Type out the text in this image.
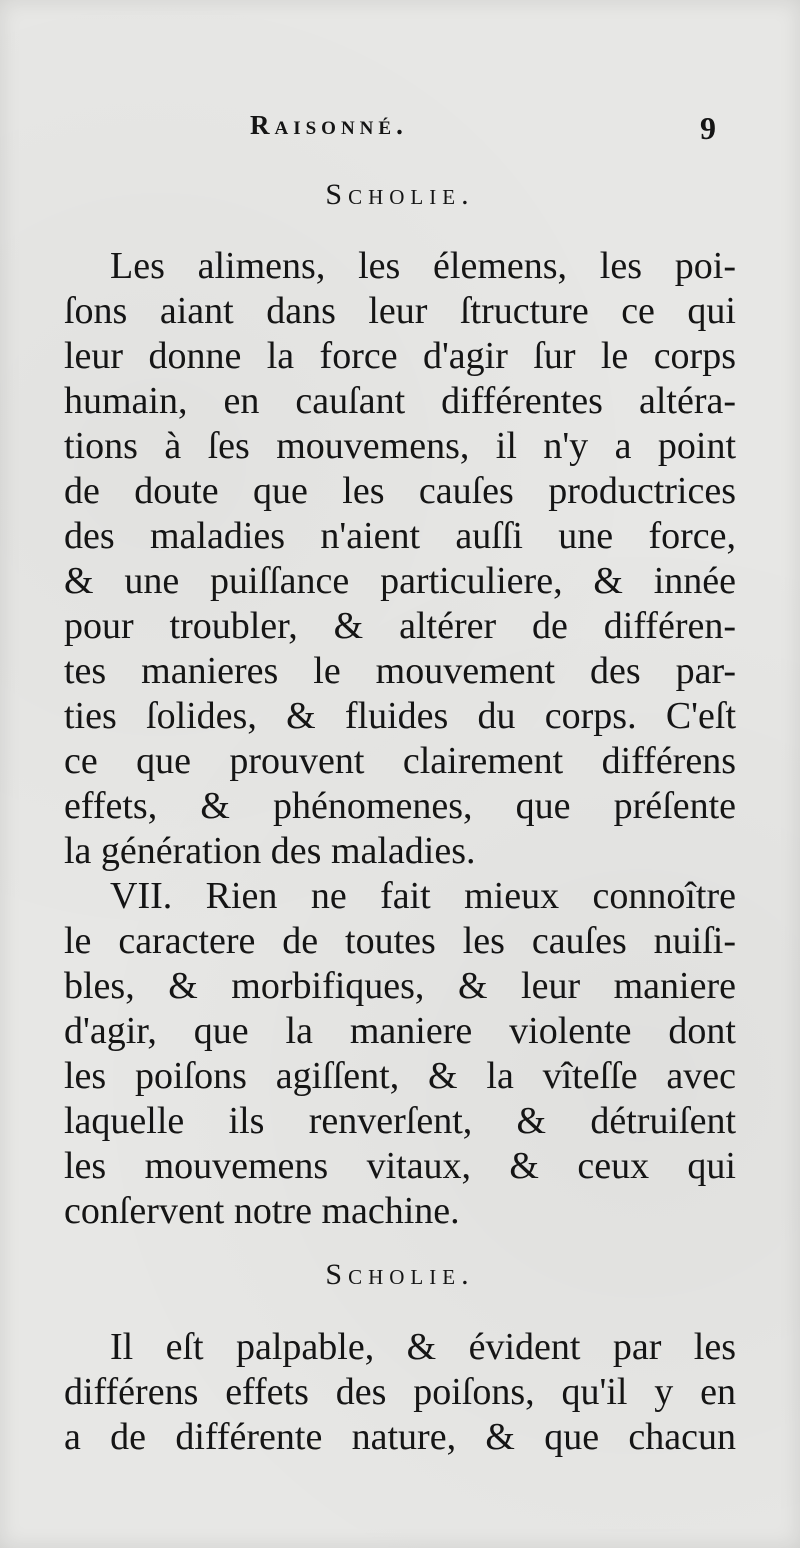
Raisonné.	9
Scholie.
Les alimens, les élemens, les poi-
ſons aiant dans leur ſtructure ce qui
leur donne la force d'agir ſur le corps
humain, en cauſant différentes altéra-
tions à ſes mouvemens, il n'y a point
de doute que les cauſes productrices
des maladies n'aient auſſi une force,
& une puiſſance particuliere, & innée
pour troubler, & altérer de différen-
tes manieres le mouvement des par-
ties ſolides, & fluides du corps. C'eſt
ce que prouvent clairement différens
effets, & phénomenes, que préſente
la génération des maladies.
VII. Rien ne fait mieux connoître
le caractere de toutes les cauſes nuiſi-
bles, & morbifiques, & leur maniere
d'agir, que la maniere violente dont
les poiſons agiſſent, & la vîteſſe avec
laquelle ils renverſent, & détruiſent
les mouvemens vitaux, & ceux qui
conſervent notre machine.
Scholie.
Il eſt palpable, & évident par les
différens effets des poiſons, qu'il y en
a de différente nature, & que chacun
